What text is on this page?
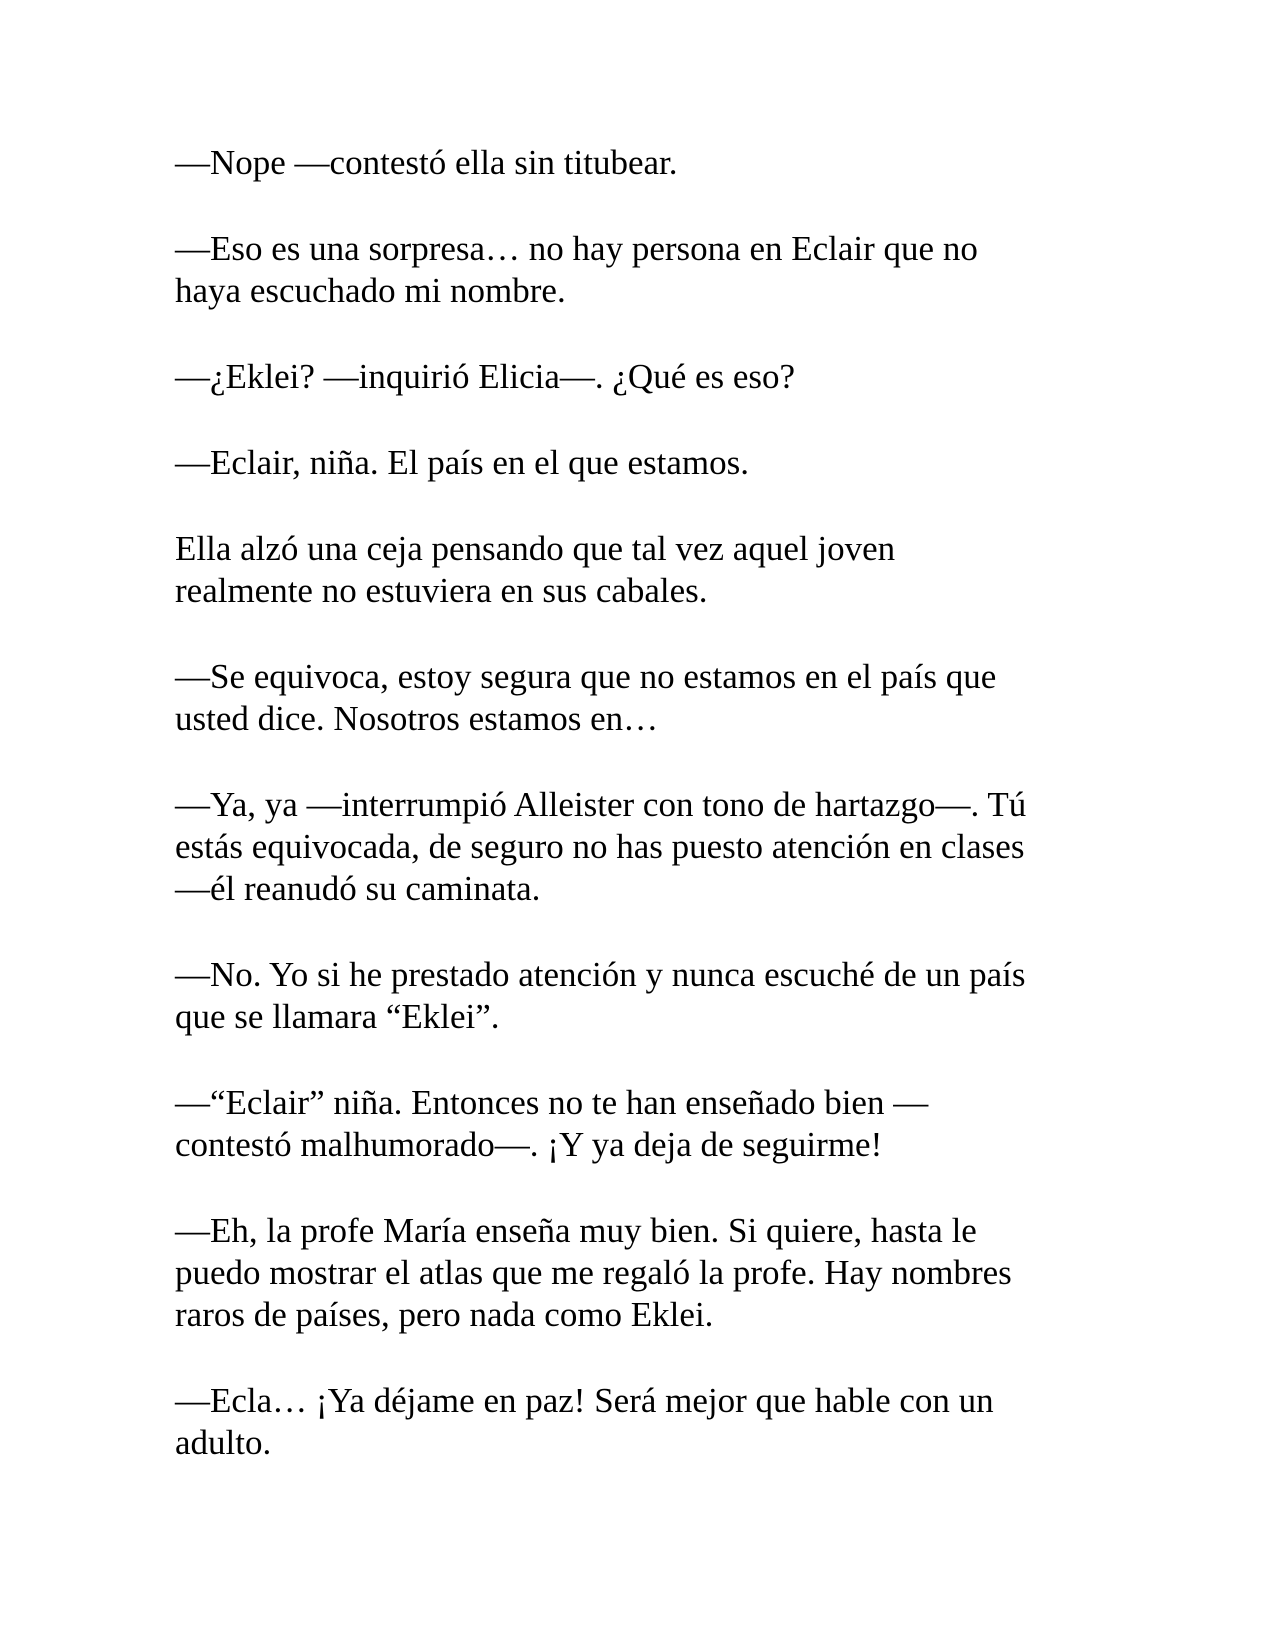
—Nope —contestó ella sin titubear.

—Eso es una sorpresa… no hay persona en Eclair que no
haya escuchado mi nombre.

—¿Eklei? —inquirió Elicia—. ¿Qué es eso?

—Eclair, niña. El país en el que estamos.

Ella alzó una ceja pensando que tal vez aquel joven
realmente no estuviera en sus cabales.

—Se equivoca, estoy segura que no estamos en el país que
usted dice. Nosotros estamos en…

—Ya, ya —interrumpió Alleister con tono de hartazgo—. Tú
estás equivocada, de seguro no has puesto atención en clases
—él reanudó su caminata.

—No. Yo si he prestado atención y nunca escuché de un país
que se llamara “Eklei”.

—“Eclair” niña. Entonces no te han enseñado bien —
contestó malhumorado—. ¡Y ya deja de seguirme!

—Eh, la profe María enseña muy bien. Si quiere, hasta le
puedo mostrar el atlas que me regaló la profe. Hay nombres
raros de países, pero nada como Eklei.

—Ecla… ¡Ya déjame en paz! Será mejor que hable con un
adulto.
